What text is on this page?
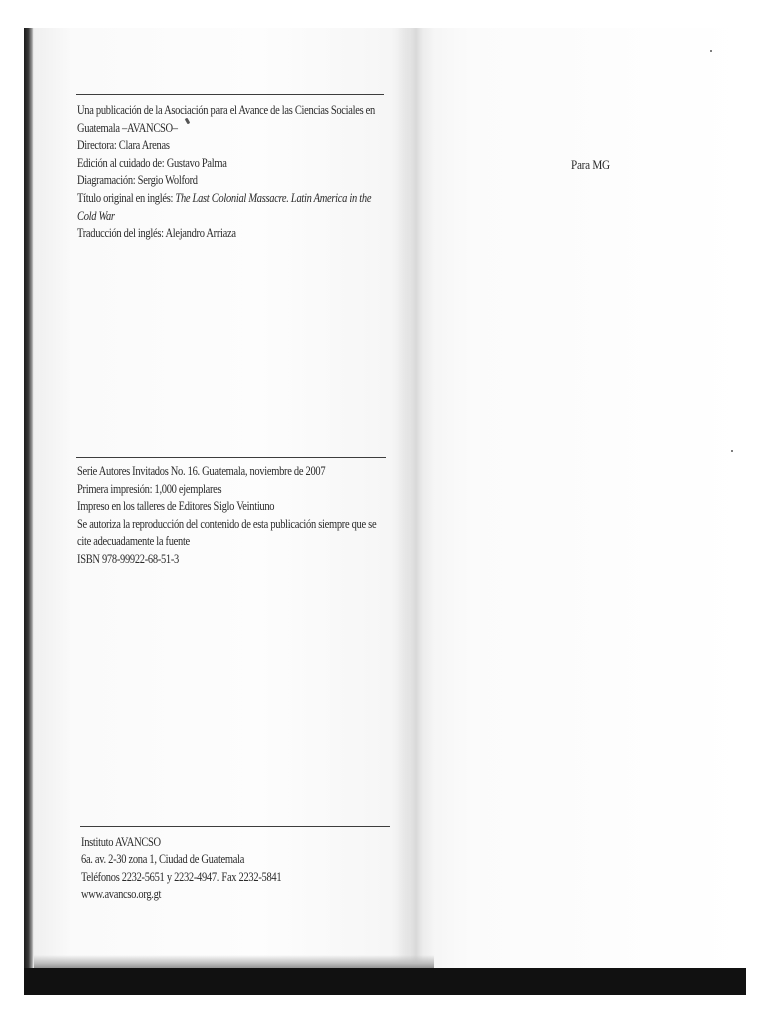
Una publicación de la Asociación para el Avance de las Ciencias Sociales en
Guatemala –AVANCSO–
Directora: Clara Arenas
Edición al cuidado de: Gustavo Palma
Diagramación: Sergio Wolford
Título original en inglés: The Last Colonial Massacre. Latin America in the
Cold War
Traducción del inglés: Alejandro Arriaza
Serie Autores Invitados No. 16. Guatemala, noviembre de 2007
Primera impresión: 1,000 ejemplares
Impreso en los talleres de Editores Siglo Veintiuno
Se autoriza la reproducción del contenido de esta publicación siempre que se
cite adecuadamente la fuente
ISBN 978-99922-68-51-3
Instituto AVANCSO
6a. av. 2-30 zona 1, Ciudad de Guatemala
Teléfonos 2232-5651 y 2232-4947. Fax 2232-5841
www.avancso.org.gt
Para MG
